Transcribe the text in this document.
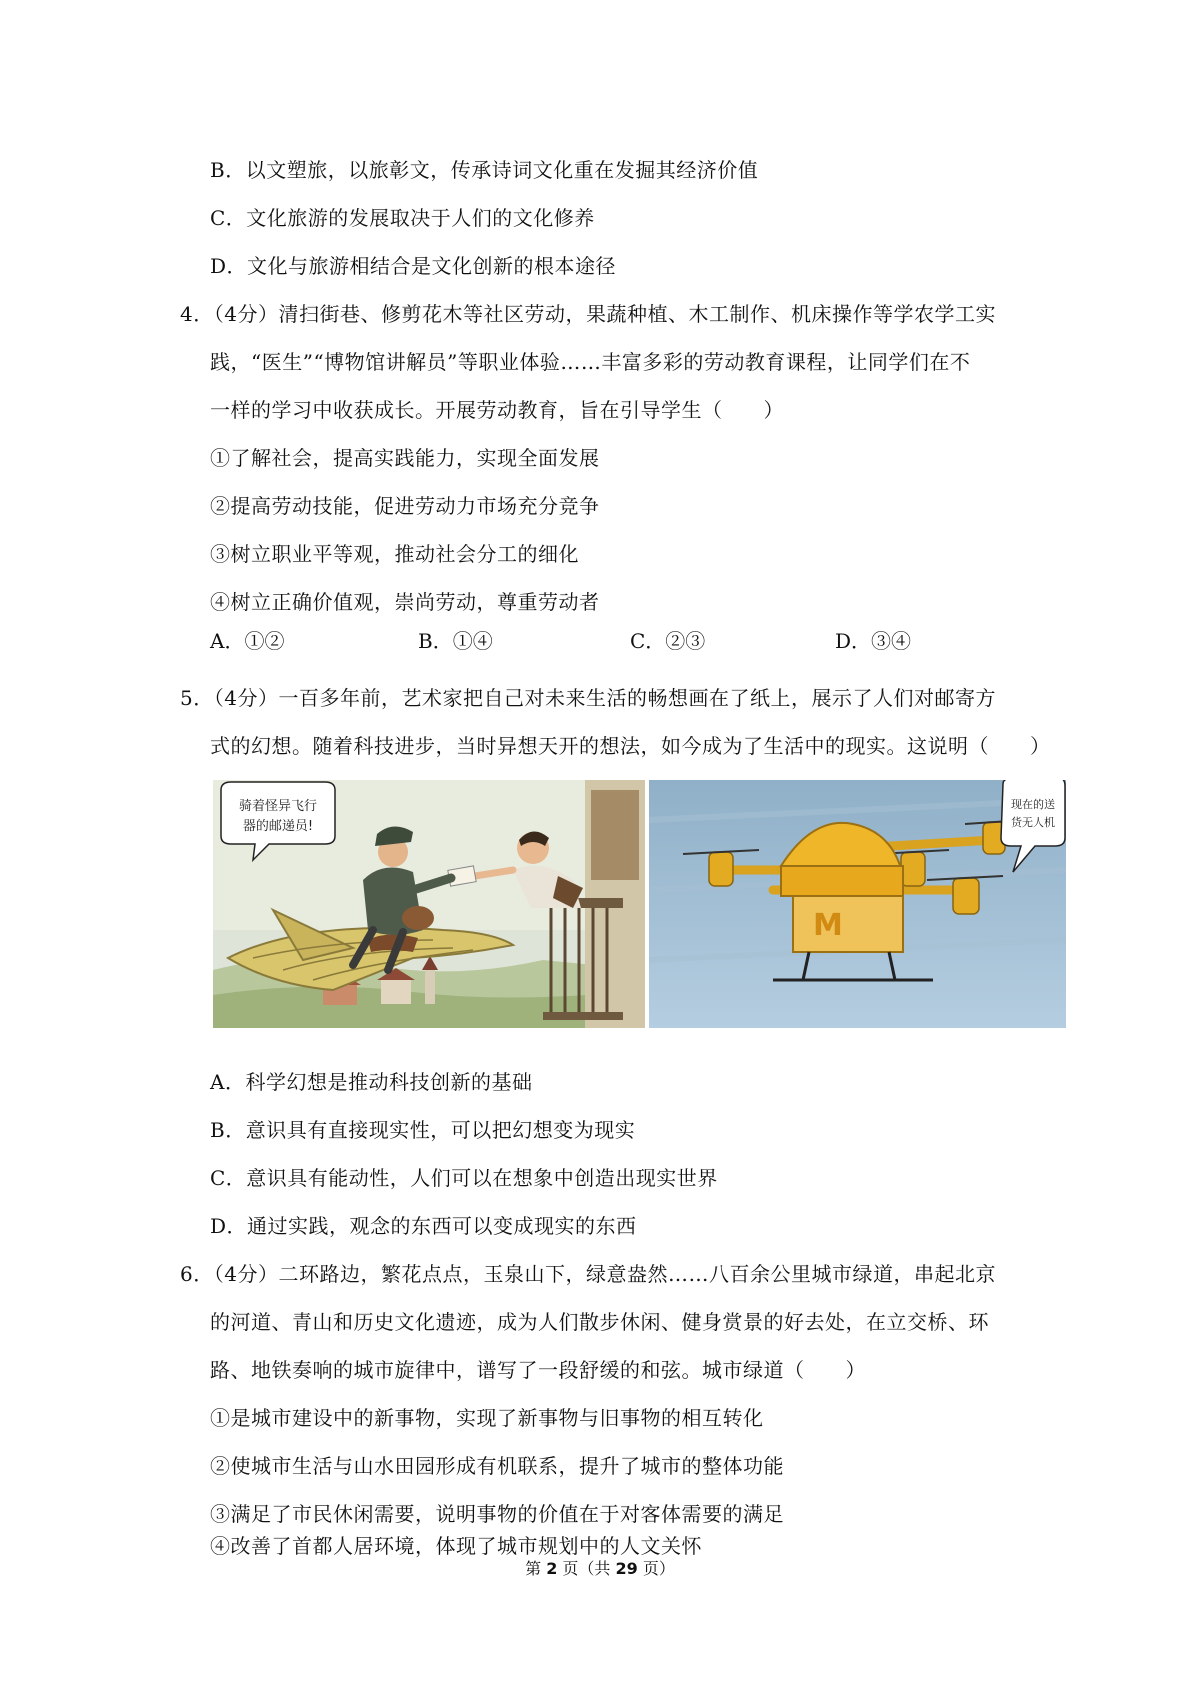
B．以文塑旅，以旅彰文，传承诗词文化重在发掘其经济价值
C．文化旅游的发展取决于人们的文化修养
D．文化与旅游相结合是文化创新的根本途径
4．（4分）清扫街巷、修剪花木等社区劳动，果蔬种植、木工制作、机床操作等学农学工实
践，“医生”“博物馆讲解员”等职业体验……丰富多彩的劳动教育课程，让同学们在不
一样的学习中收获成长。开展劳动教育，旨在引导学生（　　）
①了解社会，提高实践能力，实现全面发展
②提高劳动技能，促进劳动力市场充分竞争
③树立职业平等观，推动社会分工的细化
④树立正确价值观，崇尚劳动，尊重劳动者
A．①②	B．①④	C．②③	D．③④
5．（4分）一百多年前，艺术家把自己对未来生活的畅想画在了纸上，展示了人们对邮寄方
式的幻想。随着科技进步，当时异想天开的想法，如今成为了生活中的现实。这说明（　　）
骑着怪异飞行
器的邮递员!
M
现在的送
货无人机
A．科学幻想是推动科技创新的基础
B．意识具有直接现实性，可以把幻想变为现实
C．意识具有能动性，人们可以在想象中创造出现实世界
D．通过实践，观念的东西可以变成现实的东西
6．（4分）二环路边，繁花点点，玉泉山下，绿意盎然……八百余公里城市绿道，串起北京
的河道、青山和历史文化遗迹，成为人们散步休闲、健身赏景的好去处，在立交桥、环
路、地铁奏响的城市旋律中，谱写了一段舒缓的和弦。城市绿道（　　）
①是城市建设中的新事物，实现了新事物与旧事物的相互转化
②使城市生活与山水田园形成有机联系，提升了城市的整体功能
③满足了市民休闲需要，说明事物的价值在于对客体需要的满足
④改善了首都人居环境，体现了城市规划中的人文关怀
第 2 页（共 29 页）
